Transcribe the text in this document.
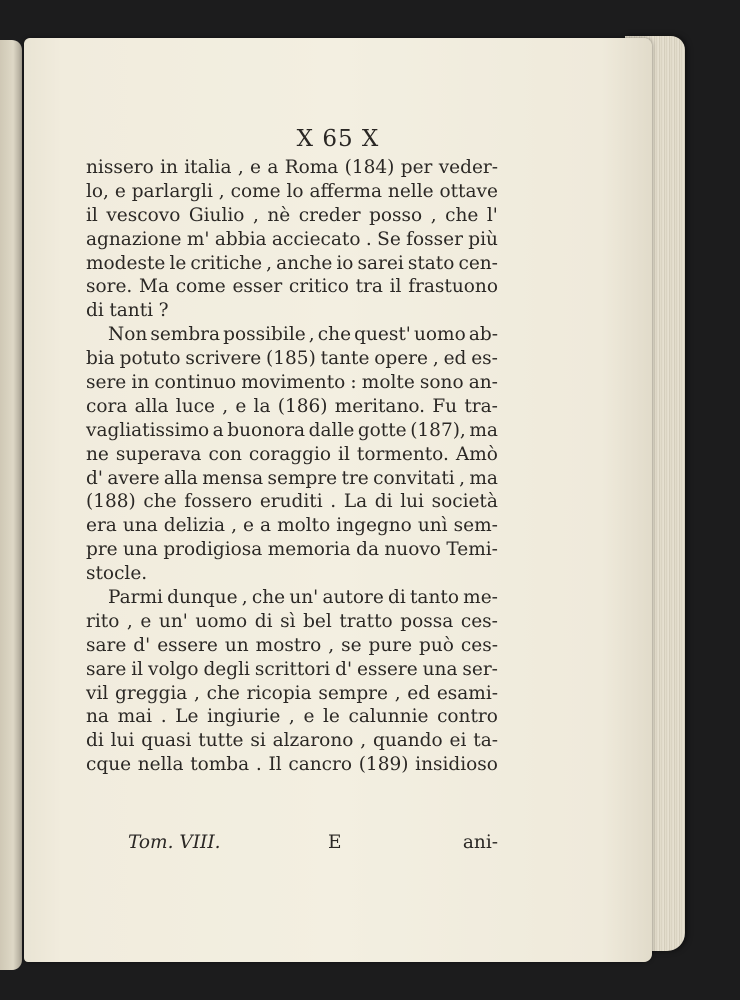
X 65 X
nissero in italia , e a Roma (184) per veder-
lo, e parlargli , come lo afferma nelle ottave
il vescovo Giulio , nè creder posso , che l'
agnazione m' abbia acciecato . Se fosser più
modeste le critiche , anche io sarei stato cen-
sore. Ma come esser critico tra il frastuono
di tanti ?
Non sembra possibile , che quest' uomo ab-
bia potuto scrivere (185) tante opere , ed es-
sere in continuo movimento : molte sono an-
cora alla luce , e la (186) meritano. Fu tra-
vagliatissimo a buonora dalle gotte (187), ma
ne superava con coraggio il tormento. Amò
d' avere alla mensa sempre tre convitati , ma
(188) che fossero eruditi . La di lui società
era una delizia , e a molto ingegno unì sem-
pre una prodigiosa memoria da nuovo Temi-
stocle.
Parmi dunque , che un' autore di tanto me-
rito , e un' uomo di sì bel tratto possa ces-
sare d' essere un mostro , se pure può ces-
sare il volgo degli scrittori d' essere una ser-
vil greggia , che ricopia sempre , ed esami-
na mai . Le ingiurie , e le calunnie contro
di lui quasi tutte si alzarono , quando ei ta-
cque nella tomba . Il cancro (189) insidioso
Tom. VIII.	E	ani-
